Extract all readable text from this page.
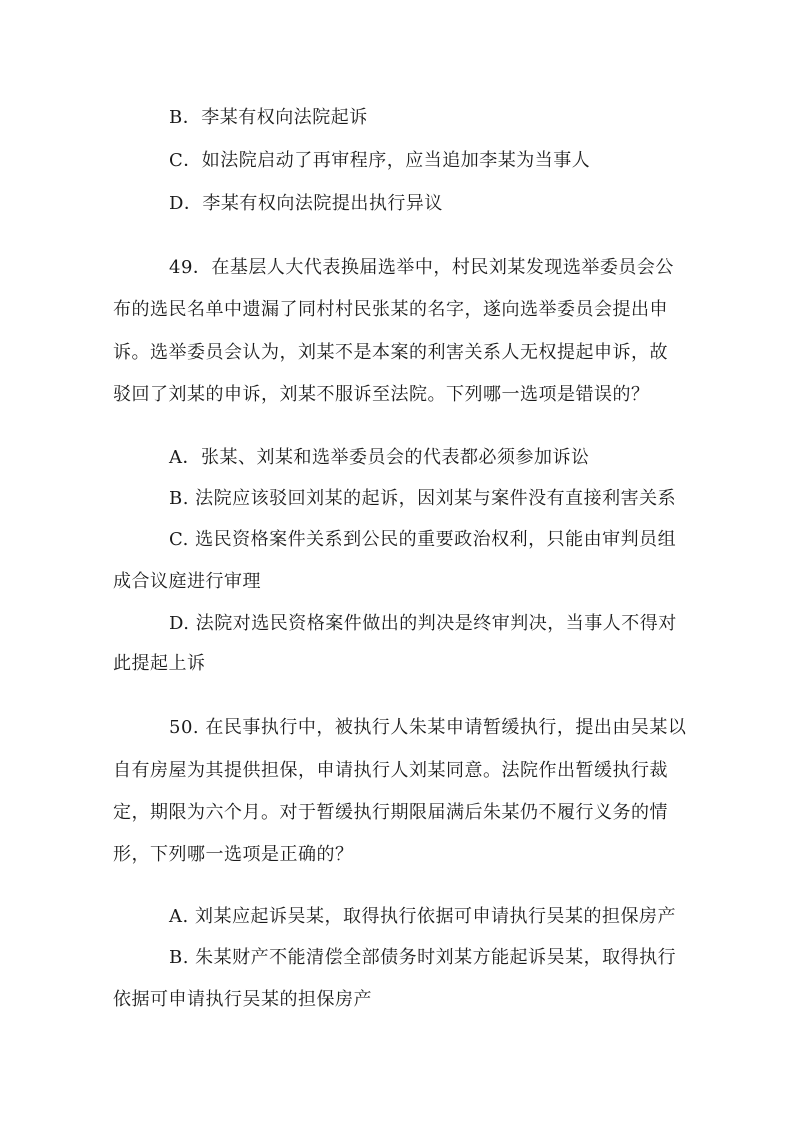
B．李某有权向法院起诉
C．如法院启动了再审程序，应当追加李某为当事人
D．李某有权向法院提出执行异议
49．在基层人大代表换届选举中，村民刘某发现选举委员会公
布的选民名单中遗漏了同村村民张某的名字，遂向选举委员会提出申
诉。选举委员会认为，刘某不是本案的利害关系人无权提起申诉，故
驳回了刘某的申诉，刘某不服诉至法院。下列哪一选项是错误的？
A．张某、刘某和选举委员会的代表都必须参加诉讼
B. 法院应该驳回刘某的起诉，因刘某与案件没有直接利害关系
C. 选民资格案件关系到公民的重要政治权利，只能由审判员组
成合议庭进行审理
D. 法院对选民资格案件做出的判决是终审判决，当事人不得对
此提起上诉
50. 在民事执行中，被执行人朱某申请暂缓执行，提出由吴某以
自有房屋为其提供担保，申请执行人刘某同意。法院作出暂缓执行裁
定，期限为六个月。对于暂缓执行期限届满后朱某仍不履行义务的情
形，下列哪一选项是正确的？
A. 刘某应起诉吴某，取得执行依据可申请执行吴某的担保房产
B. 朱某财产不能清偿全部债务时刘某方能起诉吴某，取得执行
依据可申请执行吴某的担保房产
